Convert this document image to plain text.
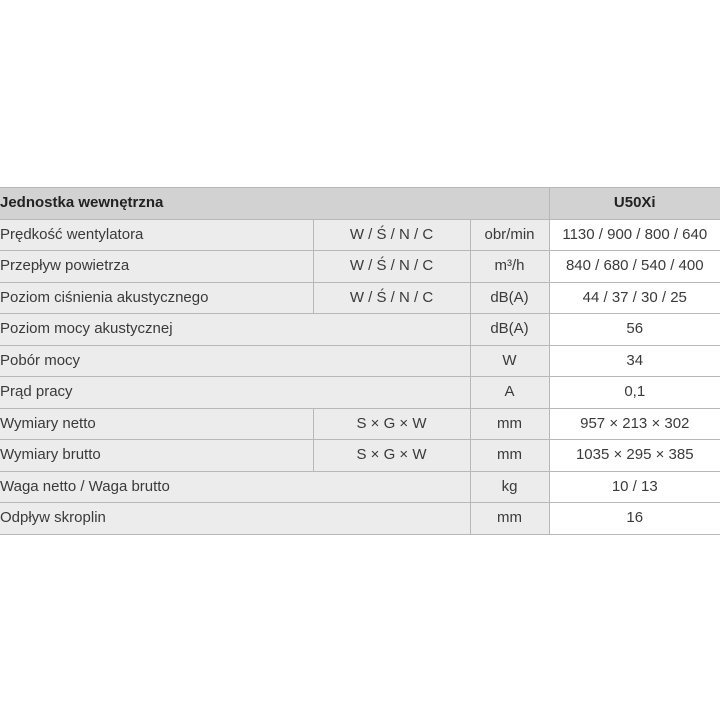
Jednostka wewnętrzna			U50Xi
Prędkość wentylatora	W / Ś / N / C	obr/min	1130 / 900 / 800 / 640
Przepływ powietrza	W / Ś / N / C	m³/h	840 / 680 / 540 / 400
Poziom ciśnienia akustycznego	W / Ś / N / C	dB(A)	44 / 37 / 30 / 25
Poziom mocy akustycznej		dB(A)	56
Pobór mocy		W	34
Prąd pracy		A	0,1
Wymiary netto	S × G × W	mm	957 × 213 × 302
Wymiary brutto	S × G × W	mm	1035 × 295 × 385
Waga netto / Waga brutto		kg	10 / 13
Odpływ skroplin		mm	16
